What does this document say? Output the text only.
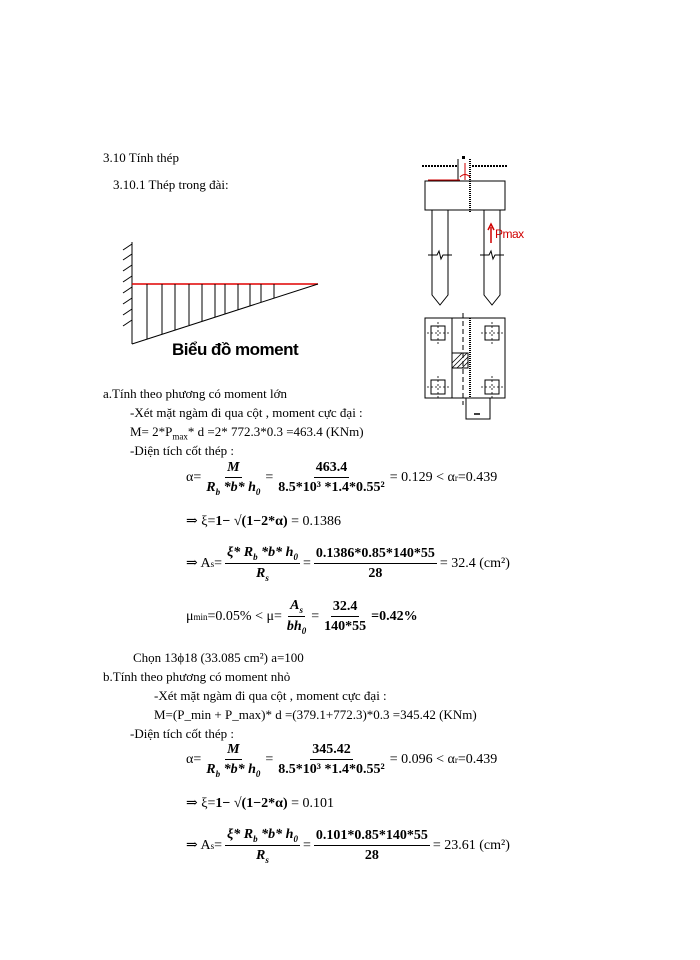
3.10 Tính thép
3.10.1 Thép trong đài:
Biểu đồ moment
Pmax
a.Tính theo phương có moment lớn
-Xét mặt ngàm đi qua cột , moment cực đại :
$M= 2*P_{max}*$ d =2* 772.3*0.3 =463.4 (KNm)
-Diện tích cốt thép :
$\alpha= \frac{M}{R_b *b* h_0} = \frac{463.4}{\text{8.5*10³ *1.4*0.55²}} = 0.129 < \alpha$ r =0.439
⇒ ξ= 1− √(1−2*α)
= 0.1386
⇒ A $s = \frac{\xi* R_b *b* h_0}{R_s} = \frac{0.1386*0.85*140*55}{28} = 32.4$ (cm²)
μ $\min =0.05\% < \mu= \frac{A_s}{bh_0} = \frac{32.4}{140*55} =0.42\%$
Chọn 13ϕ18 (33.085 cm²) a=100
b.Tính theo phương có moment nhỏ
-Xét mặt ngàm đi qua cột , moment cực đại :
M=(P_min + P_max)* d =(379.1+772.3)*0.3 =345.42 (KNm)
-Diện tích cốt thép :
$\alpha= \frac{M}{R_b *b* h_0} = \frac{345.42}{\text{8.5*10³ *1.4*0.55²}} = 0.096 < \alpha$ r =0.439
⇒ ξ= 1− √(1−2*α)
= 0.101
⇒ A $s = \frac{\xi* R_b *b* h_0}{R_s} = \frac{0.101*0.85*140*55}{28} = 23.61$ (cm²)
